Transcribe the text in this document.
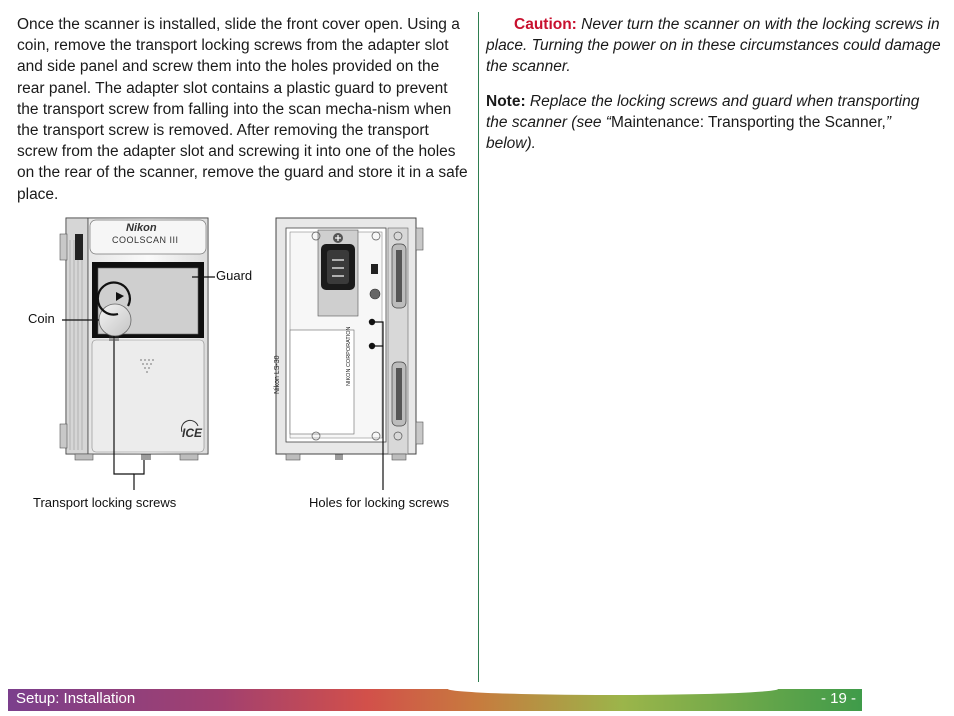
Once the scanner is installed, slide the front cover open. Using a coin, remove the transport locking screws from the adapter slot and side panel and screw them into the holes provided on the rear panel. The adapter slot contains a plastic guard to prevent the transport screw from falling into the scan mecha-nism when the transport screw is removed. After removing the transport screw from the adapter slot and screwing it into one of the holes on the rear of the scanner, remove the guard and store it in a safe place.

Caution: Never turn the scanner on with the locking screws in place. Turning the power on in these circumstances could damage the scanner.

Note: Replace the locking screws and guard when transporting the scanner (see “Maintenance: Transporting the Scanner,” below).

Nikon
COOLSCAN III
ICE
Nikon LS-30	NIKON CORPORATION
Guard
Coin
Transport locking screws	Holes for locking screws
Setup: Installation	- 19 -
